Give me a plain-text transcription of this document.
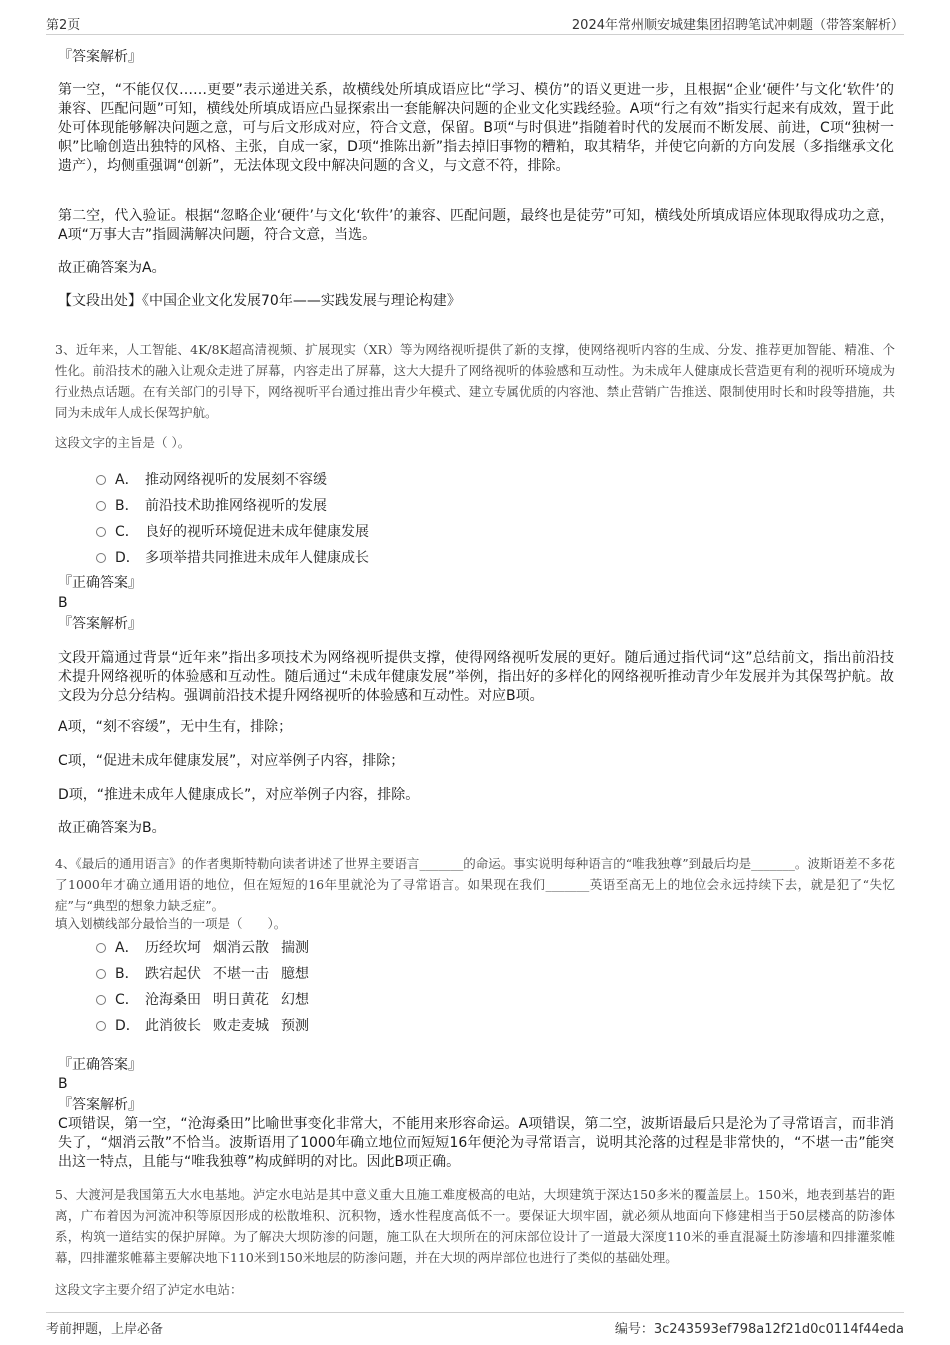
第2页	2024年常州顺安城建集团招聘笔试冲刺题（带答案解析）
『答案解析』
第一空，“不能仅仅……更要”表示递进关系，故横线处所填成语应比“学习、模仿”的语义更进一步，且根据“企业‘硬件’与文化‘软件’的兼容、匹配问题”可知，横线处所填成语应凸显探索出一套能解决问题的企业文化实践经验。A项“行之有效”指实行起来有成效，置于此处可体现能够解决问题之意，可与后文形成对应，符合文意，保留。B项“与时俱进”指随着时代的发展而不断发展、前进，C项“独树一帜”比喻创造出独特的风格、主张，自成一家，D项“推陈出新”指去掉旧事物的糟粕，取其精华，并使它向新的方向发展（多指继承文化遗产），均侧重强调“创新”，无法体现文段中解决问题的含义，与文意不符，排除。
第二空，代入验证。根据“忽略企业‘硬件’与文化‘软件’的兼容、匹配问题，最终也是徒劳”可知，横线处所填成语应体现取得成功之意，A项“万事大吉”指圆满解决问题，符合文意，当选。
故正确答案为A。
【文段出处】《中国企业文化发展70年——实践发展与理论构建》
3、近年来，人工智能、4K/8K超高清视频、扩展现实（XR）等为网络视听提供了新的支撑，使网络视听内容的生成、分发、推荐更加智能、精准、个性化。前沿技术的融入让观众走进了屏幕，内容走出了屏幕，这大大提升了网络视听的体验感和互动性。为未成年人健康成长营造更有利的视听环境成为行业热点话题。在有关部门的引导下，网络视听平台通过推出青少年模式、建立专属优质的内容池、禁止营销广告推送、限制使用时长和时段等措施，共同为未成年人成长保驾护航。
这段文字的主旨是（ ）。
A． 推动网络视听的发展刻不容缓
B． 前沿技术助推网络视听的发展
C． 良好的视听环境促进未成年健康发展
D． 多项举措共同推进未成年人健康成长
『正确答案』
B
『答案解析』
文段开篇通过背景“近年来”指出多项技术为网络视听提供支撑，使得网络视听发展的更好。随后通过指代词“这”总结前文，指出前沿技术提升网络视听的体验感和互动性。随后通过“未成年健康发展”举例，指出好的多样化的网络视听推动青少年发展并为其保驾护航。故文段为分总分结构。强调前沿技术提升网络视听的体验感和互动性。对应B项。
A项，“刻不容缓”，无中生有，排除；
C项，“促进未成年健康发展”，对应举例子内容，排除；
D项，“推进未成年人健康成长”，对应举例子内容，排除。
故正确答案为B。
4、《最后的通用语言》的作者奥斯特勒向读者讲述了世界主要语言_______的命运。事实说明每种语言的“唯我独尊”到最后均是_______。波斯语差不多花了1000年才确立通用语的地位，但在短短的16年里就沦为了寻常语言。如果现在我们_______英语至高无上的地位会永远持续下去，就是犯了“失忆症”与“典型的想象力缺乏症”。
填入划横线部分最恰当的一项是（　　）。
A． 历经坎坷 烟消云散 揣测
B． 跌宕起伏 不堪一击 臆想
C． 沧海桑田 明日黄花 幻想
D． 此消彼长 败走麦城 预测
『正确答案』
B
『答案解析』
C项错误，第一空，“沧海桑田”比喻世事变化非常大，不能用来形容命运。A项错误，第二空，波斯语最后只是沦为了寻常语言，而非消失了，“烟消云散”不恰当。波斯语用了1000年确立地位而短短16年便沦为寻常语言，说明其沦落的过程是非常快的，“不堪一击”能突出这一特点，且能与“唯我独尊”构成鲜明的对比。因此B项正确。
5、大渡河是我国第五大水电基地。泸定水电站是其中意义重大且施工难度极高的电站，大坝建筑于深达150多米的覆盖层上。150米，地表到基岩的距离，广布着因为河流冲积等原因形成的松散堆积、沉积物，透水性程度高低不一。要保证大坝牢固，就必须从地面向下修建相当于50层楼高的防渗体系，构筑一道结实的保护屏障。为了解决大坝防渗的问题，施工队在大坝所在的河床部位设计了一道最大深度110米的垂直混凝土防渗墙和四排灌浆帷幕，四排灌浆帷幕主要解决地下110米到150米地层的防渗问题，并在大坝的两岸部位也进行了类似的基础处理。
这段文字主要介绍了泸定水电站：
考前押题，上岸必备	编号：3c243593ef798a12f21d0c0114f44eda
